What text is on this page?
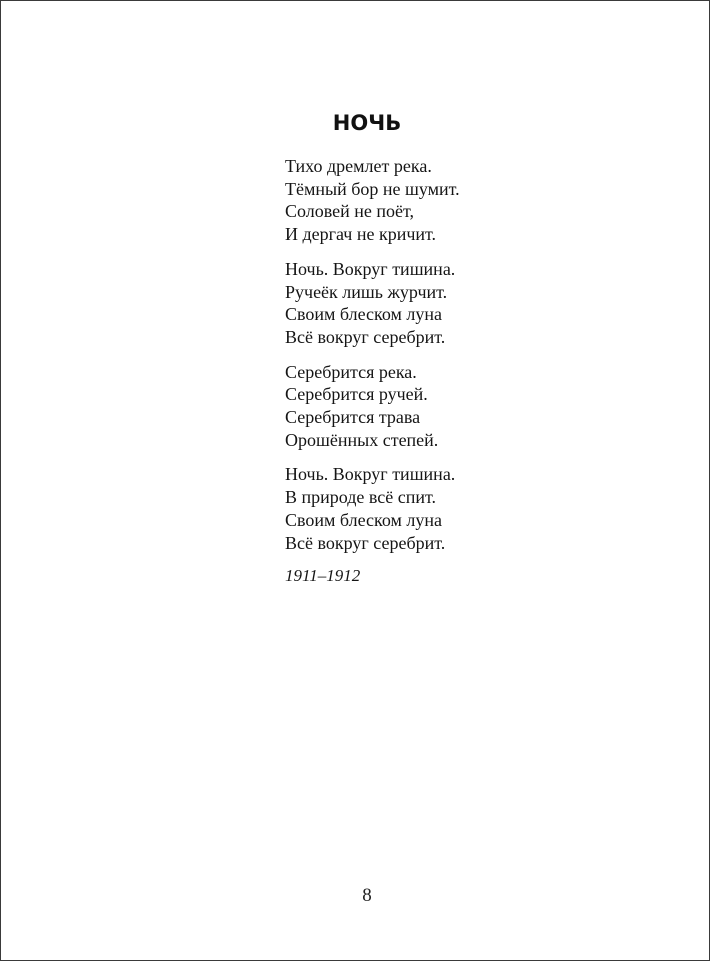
НОЧЬ
Тихо дремлет река.
Тёмный бор не шумит.
Соловей не поёт,
И дергач не кричит.
Ночь. Вокруг тишина.
Ручеёк лишь журчит.
Своим блеском луна
Всё вокруг серебрит.
Серебрится река.
Серебрится ручей.
Серебрится трава
Орошённых степей.
Ночь. Вокруг тишина.
В природе всё спит.
Своим блеском луна
Всё вокруг серебрит.
1911–1912
8
